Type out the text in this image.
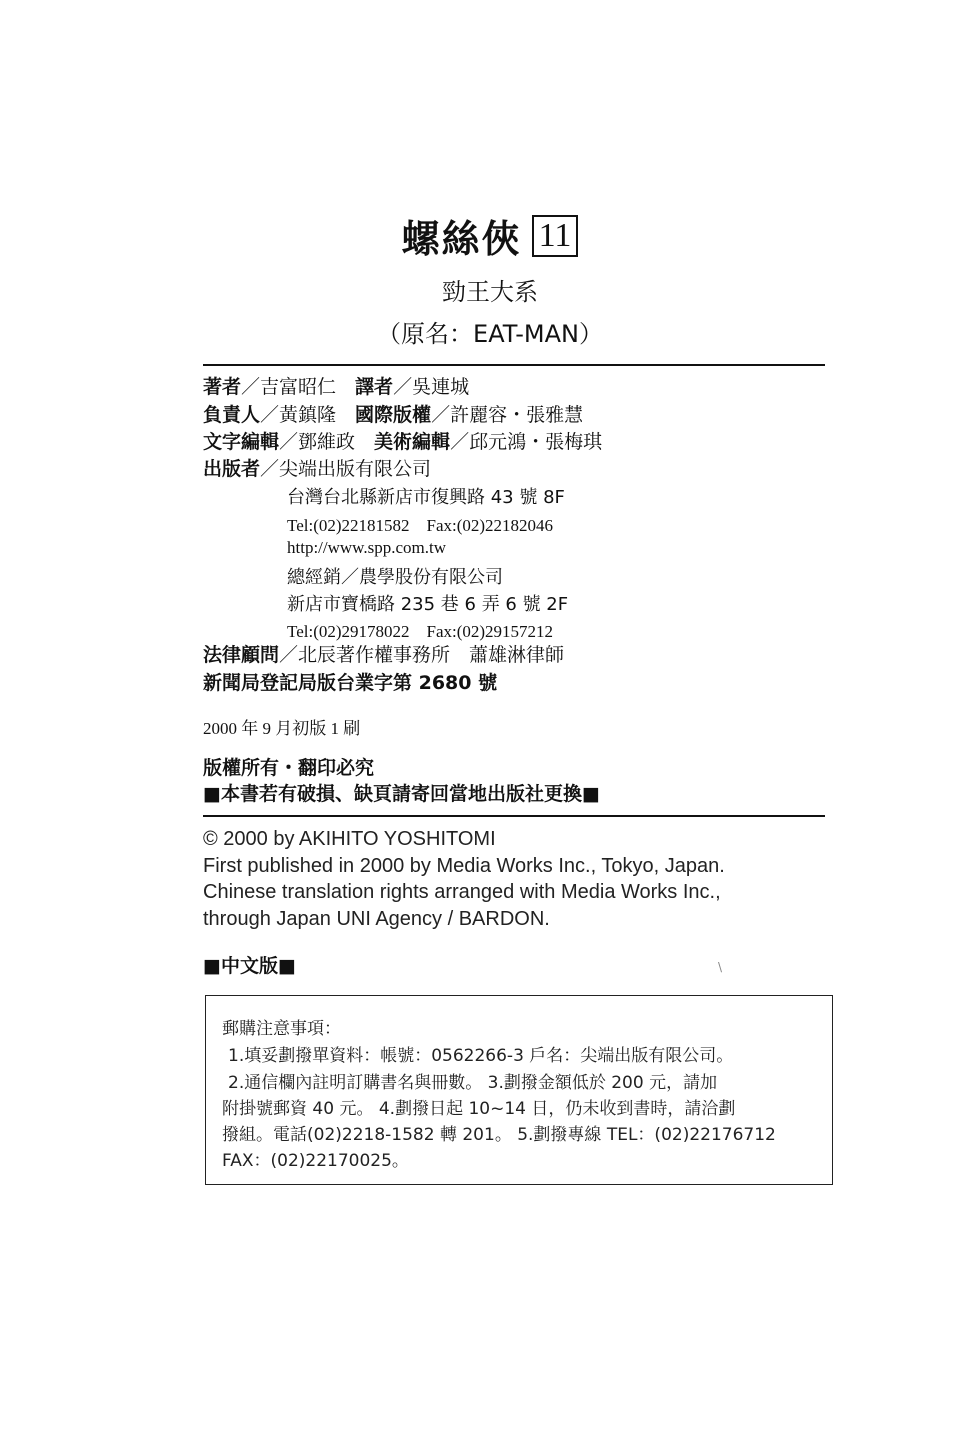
螺絲俠 11
勁王大系
（原名：EAT-MAN）
著者／吉富昭仁　 譯者／吳連城
負責人／黃鎮隆　 國際版權／許麗容・張雅慧
文字編輯／鄧維政　 美術編輯／邱元鴻・張梅琪
出版者／尖端出版有限公司
台灣台北縣新店市復興路 43 號 8F
Tel:(02)22181582　Fax:(02)22182046
http://www.spp.com.tw
總經銷／農學股份有限公司
新店市寶橋路 235 巷 6 弄 6 號 2F
Tel:(02)29178022　Fax:(02)29157212
法律顧問／北辰著作權事務所　蕭雄淋律師
新聞局登記局版台業字第 2680 號
2000 年 9 月初版 1 刷
版權所有・翻印必究
■本書若有破損、缺頁請寄回當地出版社更換■
© 2000 by AKIHITO YOSHITOMI
First published in 2000 by Media Works Inc., Tokyo, Japan.
Chinese translation rights arranged with Media Works Inc.,
through Japan UNI Agency / BARDON.
■中文版■
郵購注意事項：
1.填妥劃撥單資料：帳號：0562266-3 戶名：尖端出版有限公司。
2.通信欄內註明訂購書名與冊數。 3.劃撥金額低於 200 元，請加
附掛號郵資 40 元。 4.劃撥日起 10~14 日，仍未收到書時，請洽劃
撥組。電話(02)2218-1582 轉 201。 5.劃撥專線 TEL：(02)22176712
FAX：(02)22170025。
\
